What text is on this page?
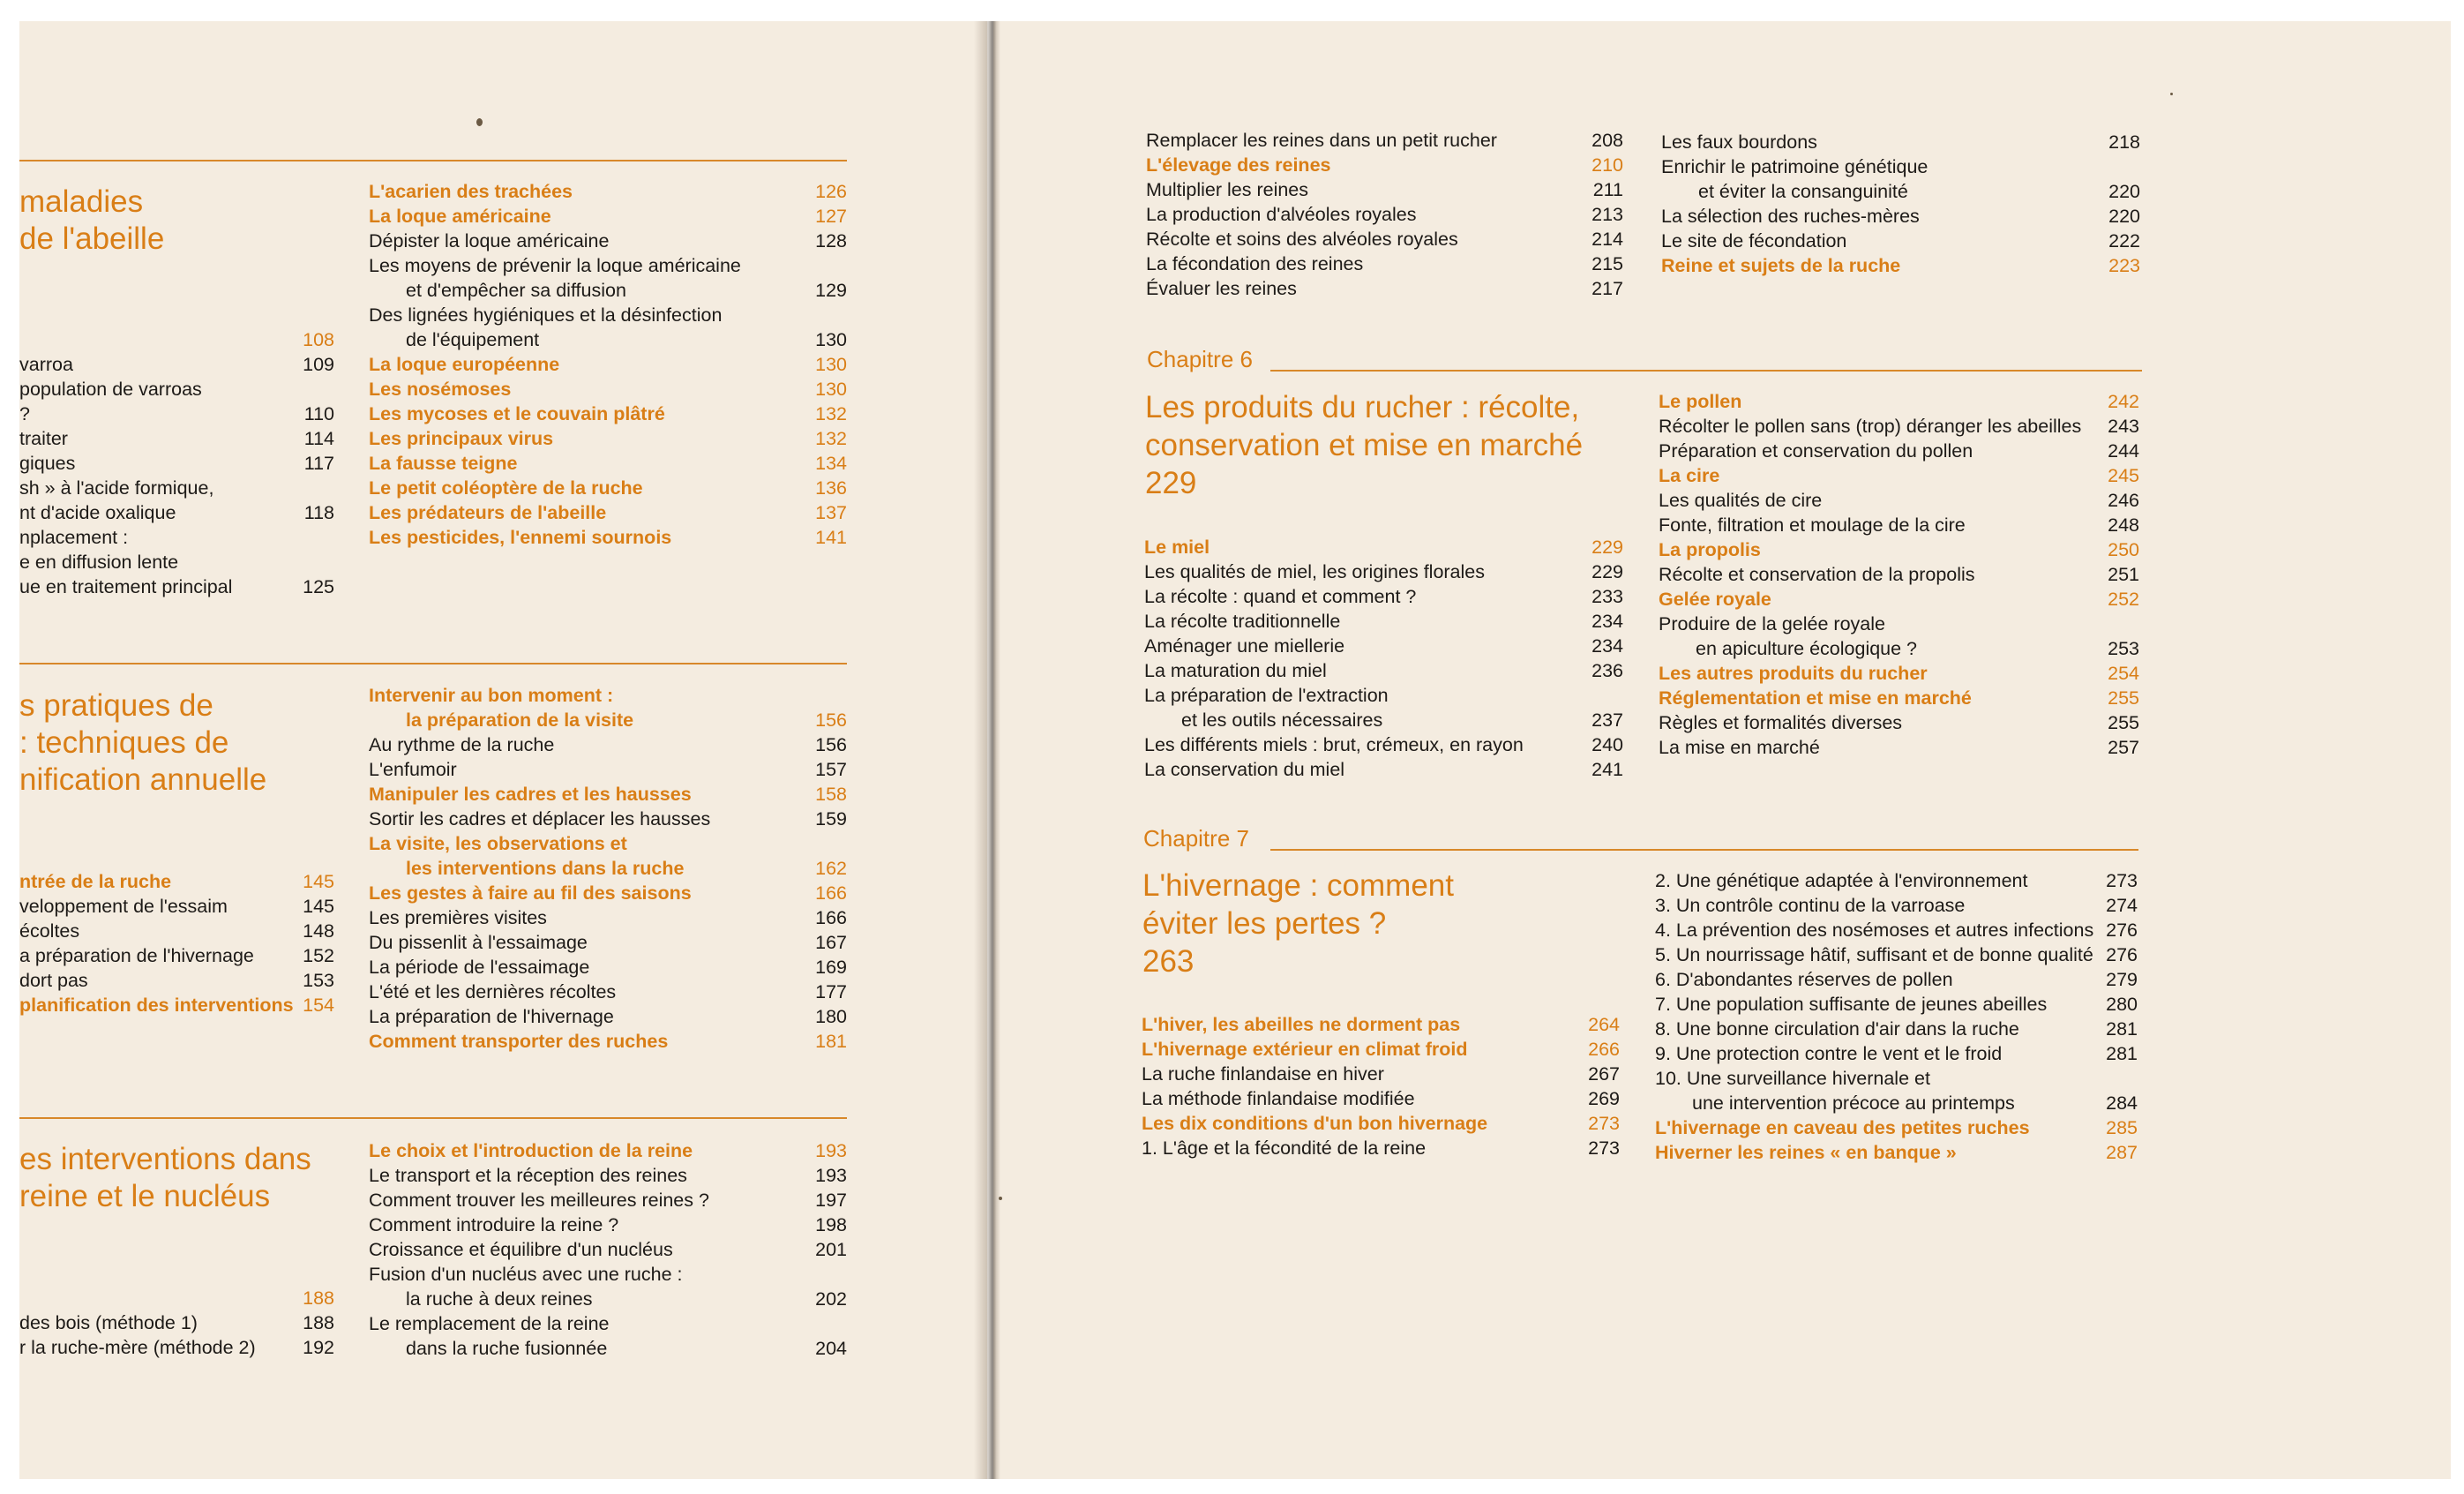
maladies
de l'abeille
108
varroa	109
population de varroas
?	110
traiter	114
giques	117
sh » à l'acide formique,
nt d'acide oxalique	118
nplacement :
e en diffusion lente
ue en traitement principal	125
L'acarien des trachées	126
La loque américaine	127
Dépister la loque américaine	128
Les moyens de prévenir la loque américaine
et d'empêcher sa diffusion	129
Des lignées hygiéniques et la désinfection
de l'équipement	130
La loque européenne	130
Les nosémoses	130
Les mycoses et le couvain plâtré	132
Les principaux virus	132
La fausse teigne	134
Le petit coléoptère de la ruche	136
Les prédateurs de l'abeille	137
Les pesticides, l'ennemi sournois	141
s pratiques de
: techniques de
nification annuelle
ntrée de la ruche	145
veloppement de l'essaim	145
écoltes	148
a préparation de l'hivernage	152
dort pas	153
planification des interventions 154
Intervenir au bon moment :
la préparation de la visite	156
Au rythme de la ruche	156
L'enfumoir	157
Manipuler les cadres et les hausses	158
Sortir les cadres et déplacer les hausses	159
La visite, les observations et
les interventions dans la ruche	162
Les gestes à faire au fil des saisons	166
Les premières visites	166
Du pissenlit à l'essaimage	167
La période de l'essaimage	169
L'été et les dernières récoltes	177
La préparation de l'hivernage	180
Comment transporter des ruches	181
es interventions dans
reine et le nucléus
188
des bois (méthode 1)	188
r la ruche-mère (méthode 2) 192
Le choix et l'introduction de la reine	193
Le transport et la réception des reines	193
Comment trouver les meilleures reines ?	197
Comment introduire la reine ?	198
Croissance et équilibre d'un nucléus	201
Fusion d'un nucléus avec une ruche :
la ruche à deux reines	202
Le remplacement de la reine
dans la ruche fusionnée	204
Remplacer les reines dans un petit rucher	208
L'élevage des reines	210
Multiplier les reines	211
La production d'alvéoles royales	213
Récolte et soins des alvéoles royales	214
La fécondation des reines	215
Évaluer les reines	217
Les faux bourdons	218
Enrichir le patrimoine génétique
et éviter la consanguinité	220
La sélection des ruches-mères	220
Le site de fécondation	222
Reine et sujets de la ruche	223
Chapitre 6
Les produits du rucher : récolte,
conservation et mise en marché
229
Le miel	229
Les qualités de miel, les origines florales	229
La récolte : quand et comment ?	233
La récolte traditionnelle	234
Aménager une miellerie	234
La maturation du miel	236
La préparation de l'extraction
et les outils nécessaires	237
Les différents miels : brut, crémeux, en rayon	240
La conservation du miel	241
Le pollen	242
Récolter le pollen sans (trop) déranger les abeilles 243
Préparation et conservation du pollen	244
La cire	245
Les qualités de cire	246
Fonte, filtration et moulage de la cire	248
La propolis	250
Récolte et conservation de la propolis	251
Gelée royale	252
Produire de la gelée royale
en apiculture écologique ?	253
Les autres produits du rucher	254
Réglementation et mise en marché	255
Règles et formalités diverses	255
La mise en marché	257
Chapitre 7
L'hivernage : comment
éviter les pertes ?
263
L'hiver, les abeilles ne dorment pas	264
L'hivernage extérieur en climat froid	266
La ruche finlandaise en hiver	267
La méthode finlandaise modifiée	269
Les dix conditions d'un bon hivernage	273
1. L'âge et la fécondité de la reine	273
2. Une génétique adaptée à l'environnement	273
3. Un contrôle continu de la varroase	274
4. La prévention des nosémoses et autres infections 276
5. Un nourrissage hâtif, suffisant et de bonne qualité 276
6. D'abondantes réserves de pollen	279
7. Une population suffisante de jeunes abeilles	280
8. Une bonne circulation d'air dans la ruche	281
9. Une protection contre le vent et le froid	281
10. Une surveillance hivernale et
une intervention précoce au printemps	284
L'hivernage en caveau des petites ruches	285
Hiverner les reines « en banque »	287
